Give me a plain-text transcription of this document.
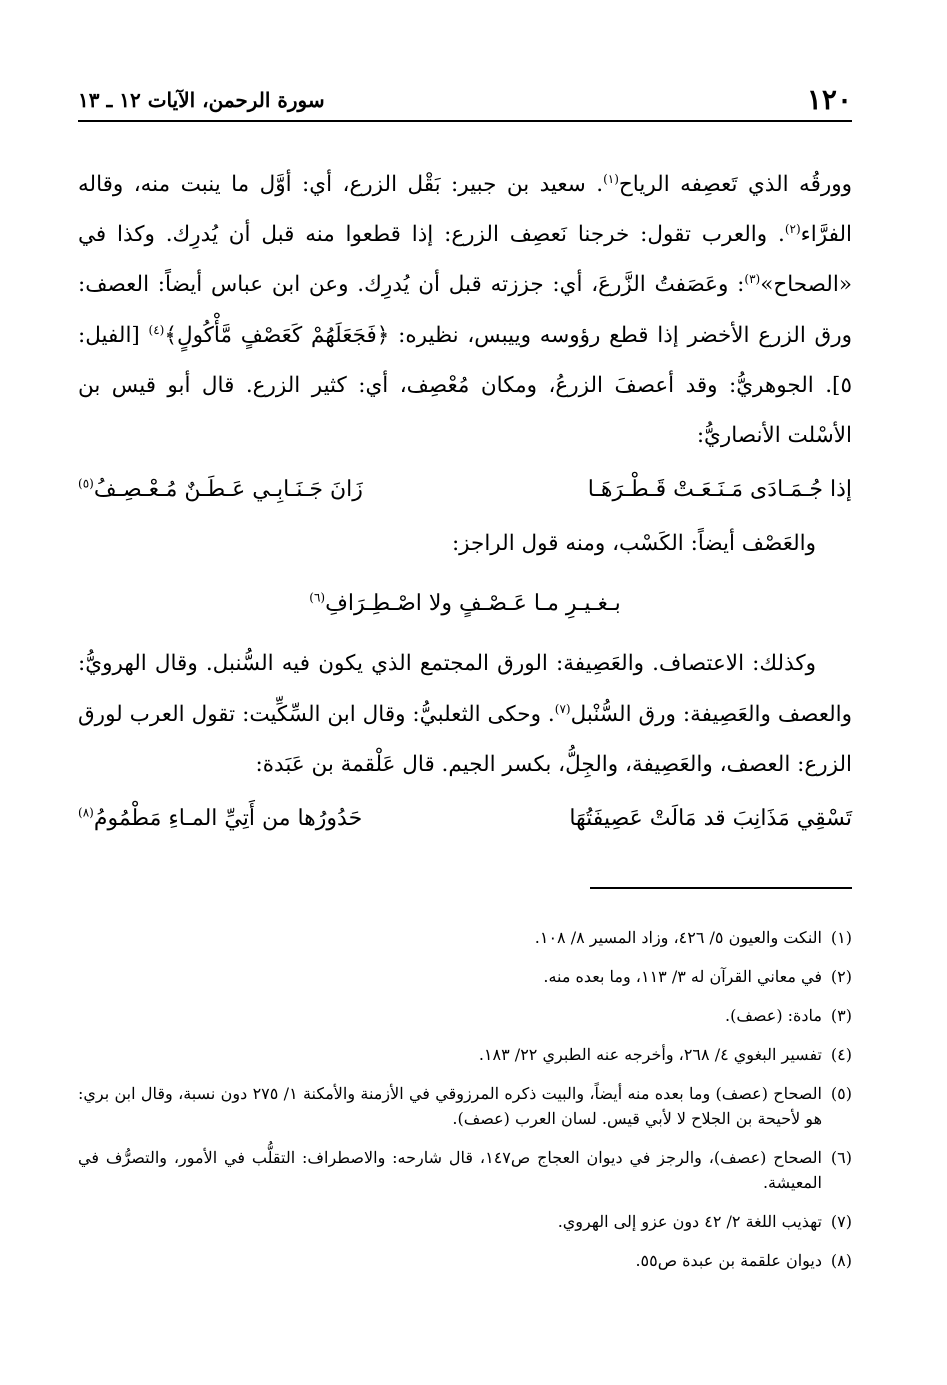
١٢٠
سورة الرحمن، الآيات ١٢ ـ ١٣

وورقُه الذي تَعصِفه الرياح$^{(١)}$. سعيد بن جبير: بَقْل الزرع، أي: أوَّل ما ينبت منه، وقاله الفرَّاء$^{(٢)}$. والعرب تقول: خرجنا نَعصِف الزرع: إذا قطعوا منه قبل أن يُدرِك. وكذا في «الصحاح»$^{(٣)}$: وعَصَفتُ الزَّرعَ، أي: جززته قبل أن يُدرِك. وعن ابن عباس أيضاً: العصف: ورق الزرع الأخضر إذا قطع رؤوسه وييبس، نظيره: ﴿فَجَعَلَهُمْ كَعَصْفٍ مَّأْكُولٍ﴾$^{(٤)}$ [الفيل: ٥]. الجوهريُّ: وقد أعصفَ الزرعُ، ومكان مُعْصِف، أي: كثير الزرع. قال أبو قيس بن الأسْلت الأنصاريُّ:

إذا جُـمَـادَى مَـنَـعَـتْ قَـطْـرَهَـا
زَانَ جَـنَـابِـي عَـطَـنٌ مُـعْـصِـفُ$^{(٥)}$

والعَصْف أيضاً: الكَسْب، ومنه قول الراجز:

بـغـيـرِ مـا عَـصْـفٍ ولا اصْـطِـرَافِ$^{(٦)}$

وكذلك: الاعتصاف. والعَصِيفة: الورق المجتمع الذي يكون فيه السُّنبل. وقال الهرويُّ: والعصف والعَصِيفة: ورق السُّنْبل$^{(٧)}$. وحكى الثعلبيُّ: وقال ابن السِّكِّيت: تقول العرب لورق الزرع: العصف، والعَصِيفة، والجِلُّ، بكسر الجيم. قال عَلْقمة بن عَبَدة:

تَسْقِي مَذَانِبَ قد مَالَتْ عَصِيفَتُهَا
حَدُورُها من أَتِيِّ المـاءِ مَطْمُومُ$^{(٨)}$
(١)
النكت والعيون ٥/ ٤٢٦، وزاد المسير ٨/ ١٠٨.
(٢)
في معاني القرآن له ٣/ ١١٣، وما بعده منه.
(٣)
مادة: (عصف).
(٤)
تفسير البغوي ٤/ ٢٦٨، وأخرجه عنه الطبري ٢٢/ ١٨٣.
(٥)
الصحاح (عصف) وما بعده منه أيضاً، والبيت ذكره المرزوقي في الأزمنة والأمكنة ١/ ٢٧٥ دون نسبة، وقال ابن بري: هو لأحيحة بن الجلاح لا لأبي قيس. لسان العرب (عصف).
(٦)
الصحاح (عصف)، والرجز في ديوان العجاج ص١٤٧، قال شارحه: والاصطراف: التقلُّب في الأمور، والتصرُّف في المعيشة.
(٧)
تهذيب اللغة ٢/ ٤٢ دون عزو إلى الهروي.
(٨)
ديوان علقمة بن عبدة ص٥٥.
